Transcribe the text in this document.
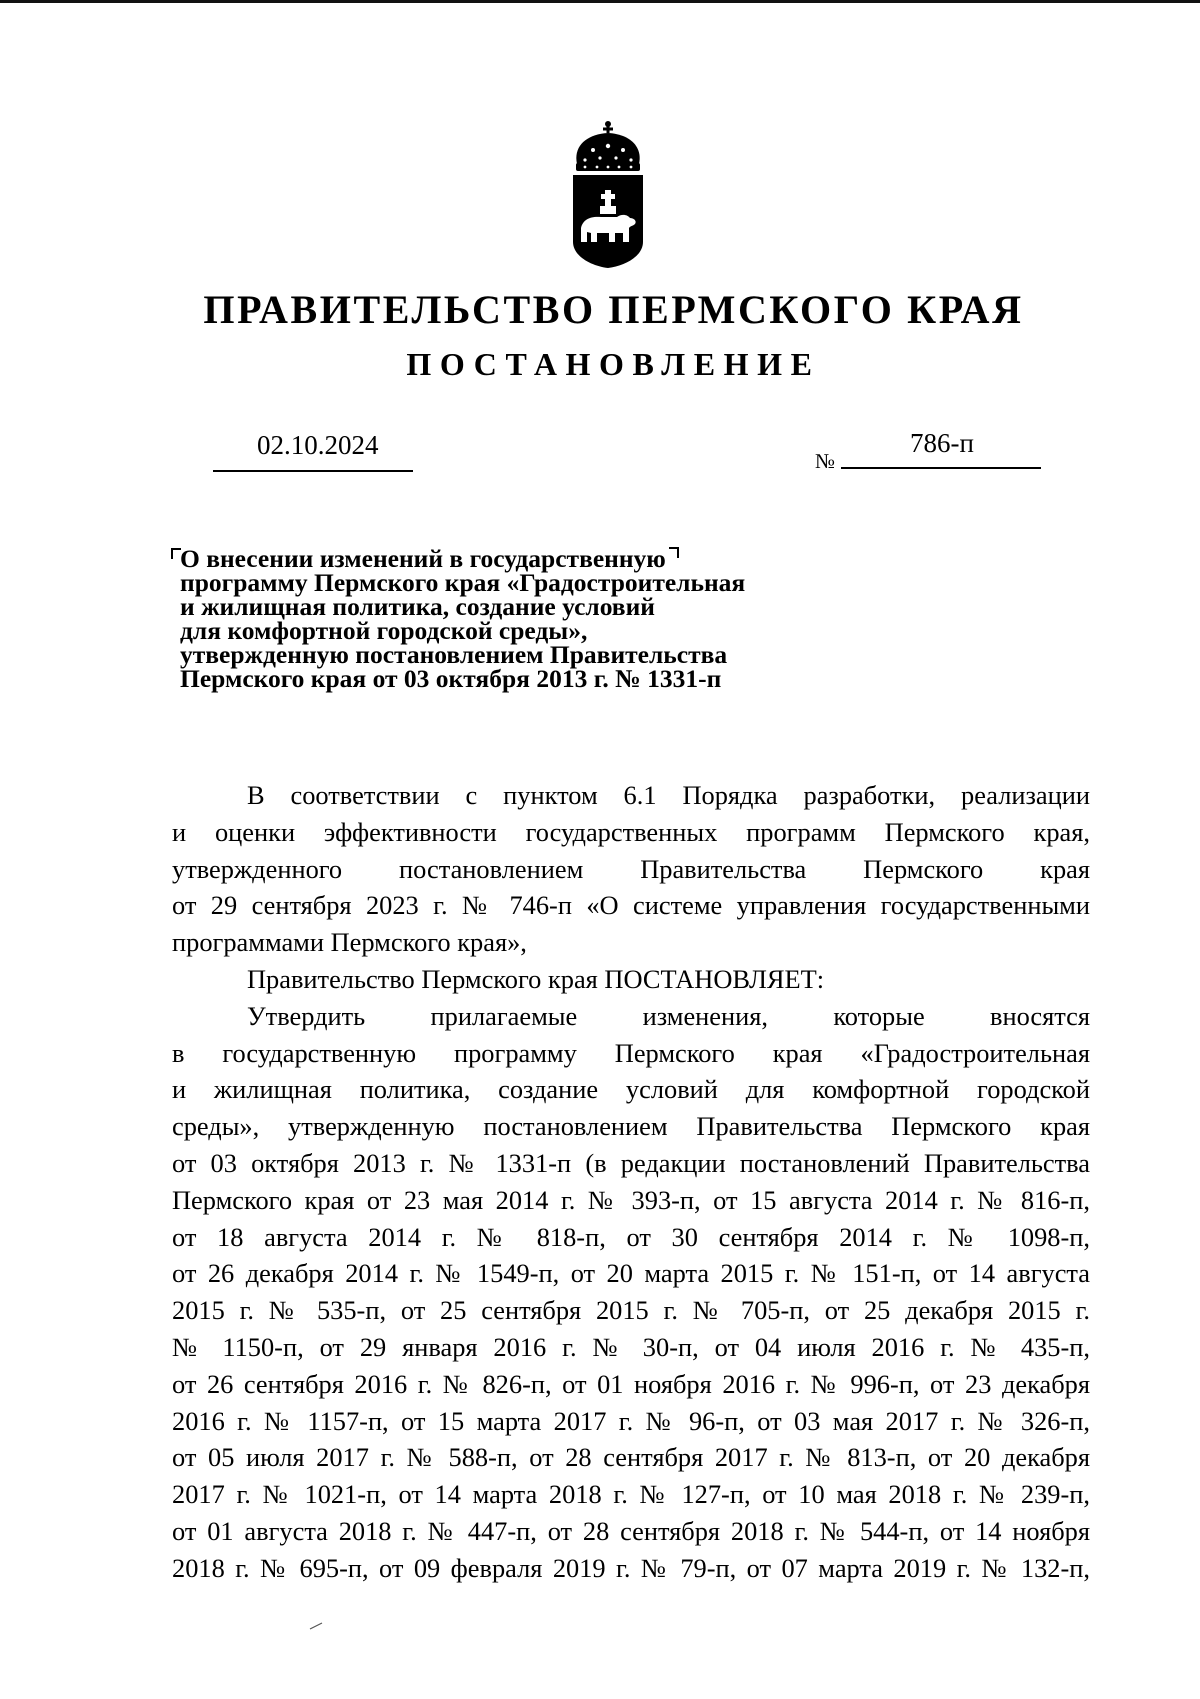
ПРАВИТЕЛЬСТВО ПЕРМСКОГО КРАЯ
ПОСТАНОВЛЕНИЕ
02.10.2024
№
786-п
О внесении изменений в государственную
программу Пермского края «Градостроительная
и жилищная политика, создание условий
для комфортной городской среды»,
утвержденную постановлением Правительства
Пермского края от 03 октября 2013 г. № 1331-п

В соответствии с пунктом 6.1 Порядка разработки, реализации
и оценки эффективности государственных программ Пермского края,
утвержденного постановлением Правительства Пермского края
от 29 сентября 2023 г. № 746-п «О системе управления государственными
программами Пермского края»,

Правительство Пермского края ПОСТАНОВЛЯЕТ:

Утвердить прилагаемые изменения, которые вносятся
в государственную программу Пермского края «Градостроительная
и жилищная политика, создание условий для комфортной городской
среды», утвержденную постановлением Правительства Пермского края
от 03 октября 2013 г. № 1331-п (в редакции постановлений Правительства
Пермского края от 23 мая 2014 г. № 393-п, от 15 августа 2014 г. № 816-п,
от 18 августа 2014 г. № 818-п, от 30 сентября 2014 г. № 1098-п,
от 26 декабря 2014 г. № 1549-п, от 20 марта 2015 г. № 151-п, от 14 августа
2015 г. № 535-п, от 25 сентября 2015 г. № 705-п, от 25 декабря 2015 г.
№ 1150-п, от 29 января 2016 г. № 30-п, от 04 июля 2016 г. № 435-п,
от 26 сентября 2016 г. № 826-п, от 01 ноября 2016 г. № 996-п, от 23 декабря
2016 г. № 1157-п, от 15 марта 2017 г. № 96-п, от 03 мая 2017 г. № 326-п,
от 05 июля 2017 г. № 588-п, от 28 сентября 2017 г. № 813-п, от 20 декабря
2017 г. № 1021-п, от 14 марта 2018 г. № 127-п, от 10 мая 2018 г. № 239-п,
от 01 августа 2018 г. № 447-п, от 28 сентября 2018 г. № 544-п, от 14 ноября
2018 г. № 695-п, от 09 февраля 2019 г. № 79-п, от 07 марта 2019 г. № 132-п,
